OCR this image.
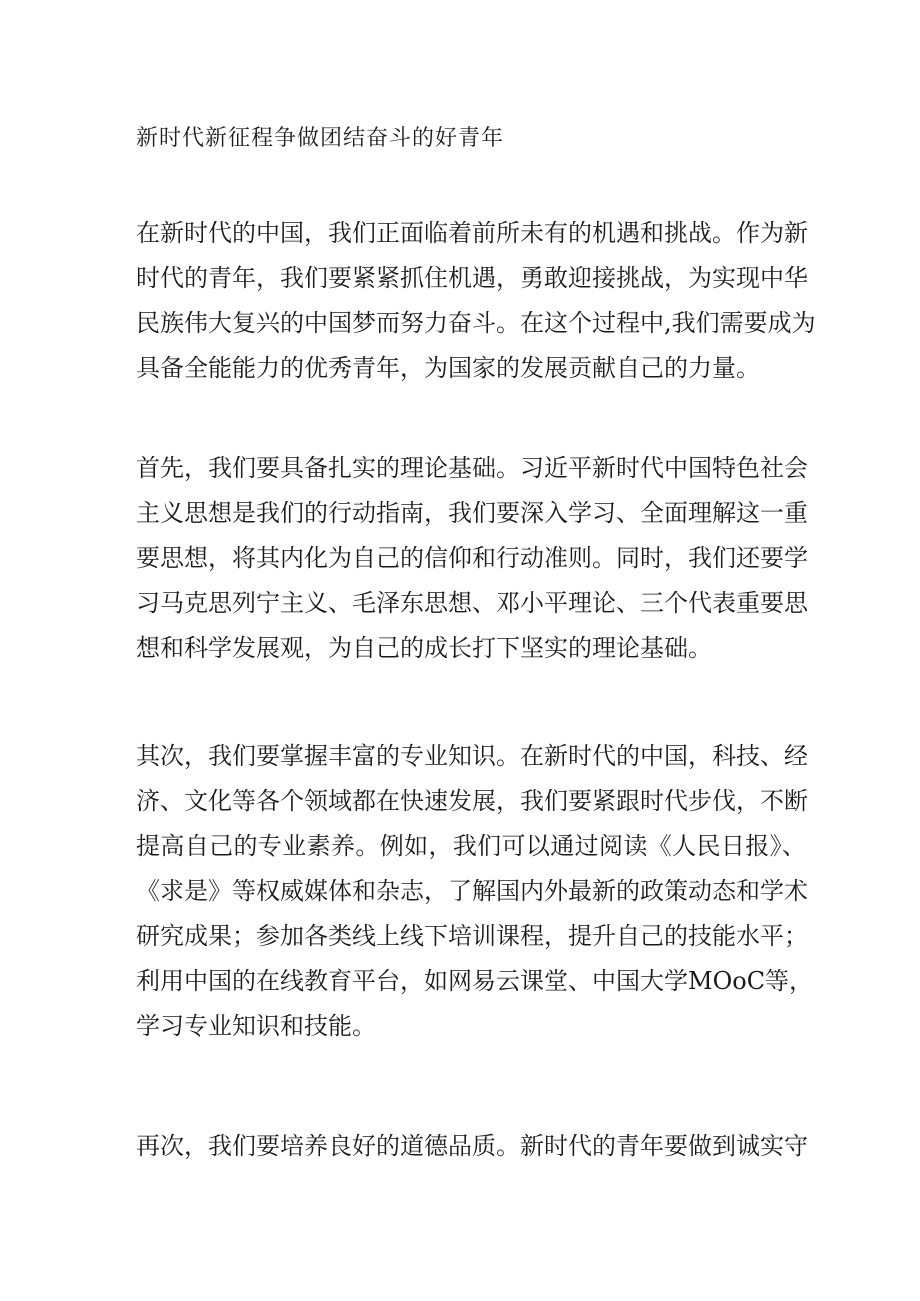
新时代新征程争做团结奋斗的好青年
在新时代的中国，我们正面临着前所未有的机遇和挑战。作为新
时代的青年，我们要紧紧抓住机遇，勇敢迎接挑战，为实现中华
民族伟大复兴的中国梦而努力奋斗。在这个过程中,我们需要成为
具备全能能力的优秀青年，为国家的发展贡献自己的力量。
首先，我们要具备扎实的理论基础。习近平新时代中国特色社会
主义思想是我们的行动指南，我们要深入学习、全面理解这一重
要思想，将其内化为自己的信仰和行动准则。同时，我们还要学
习马克思列宁主义、毛泽东思想、邓小平理论、三个代表重要思
想和科学发展观，为自己的成长打下坚实的理论基础。
其次，我们要掌握丰富的专业知识。在新时代的中国，科技、经
济、文化等各个领域都在快速发展，我们要紧跟时代步伐，不断
提高自己的专业素养。例如，我们可以通过阅读《人民日报》、
《求是》等权威媒体和杂志，了解国内外最新的政策动态和学术
研究成果；参加各类线上线下培训课程，提升自己的技能水平；
利用中国的在线教育平台，如网易云课堂、中国大学MOoC等，
学习专业知识和技能。
再次，我们要培养良好的道德品质。新时代的青年要做到诚实守
